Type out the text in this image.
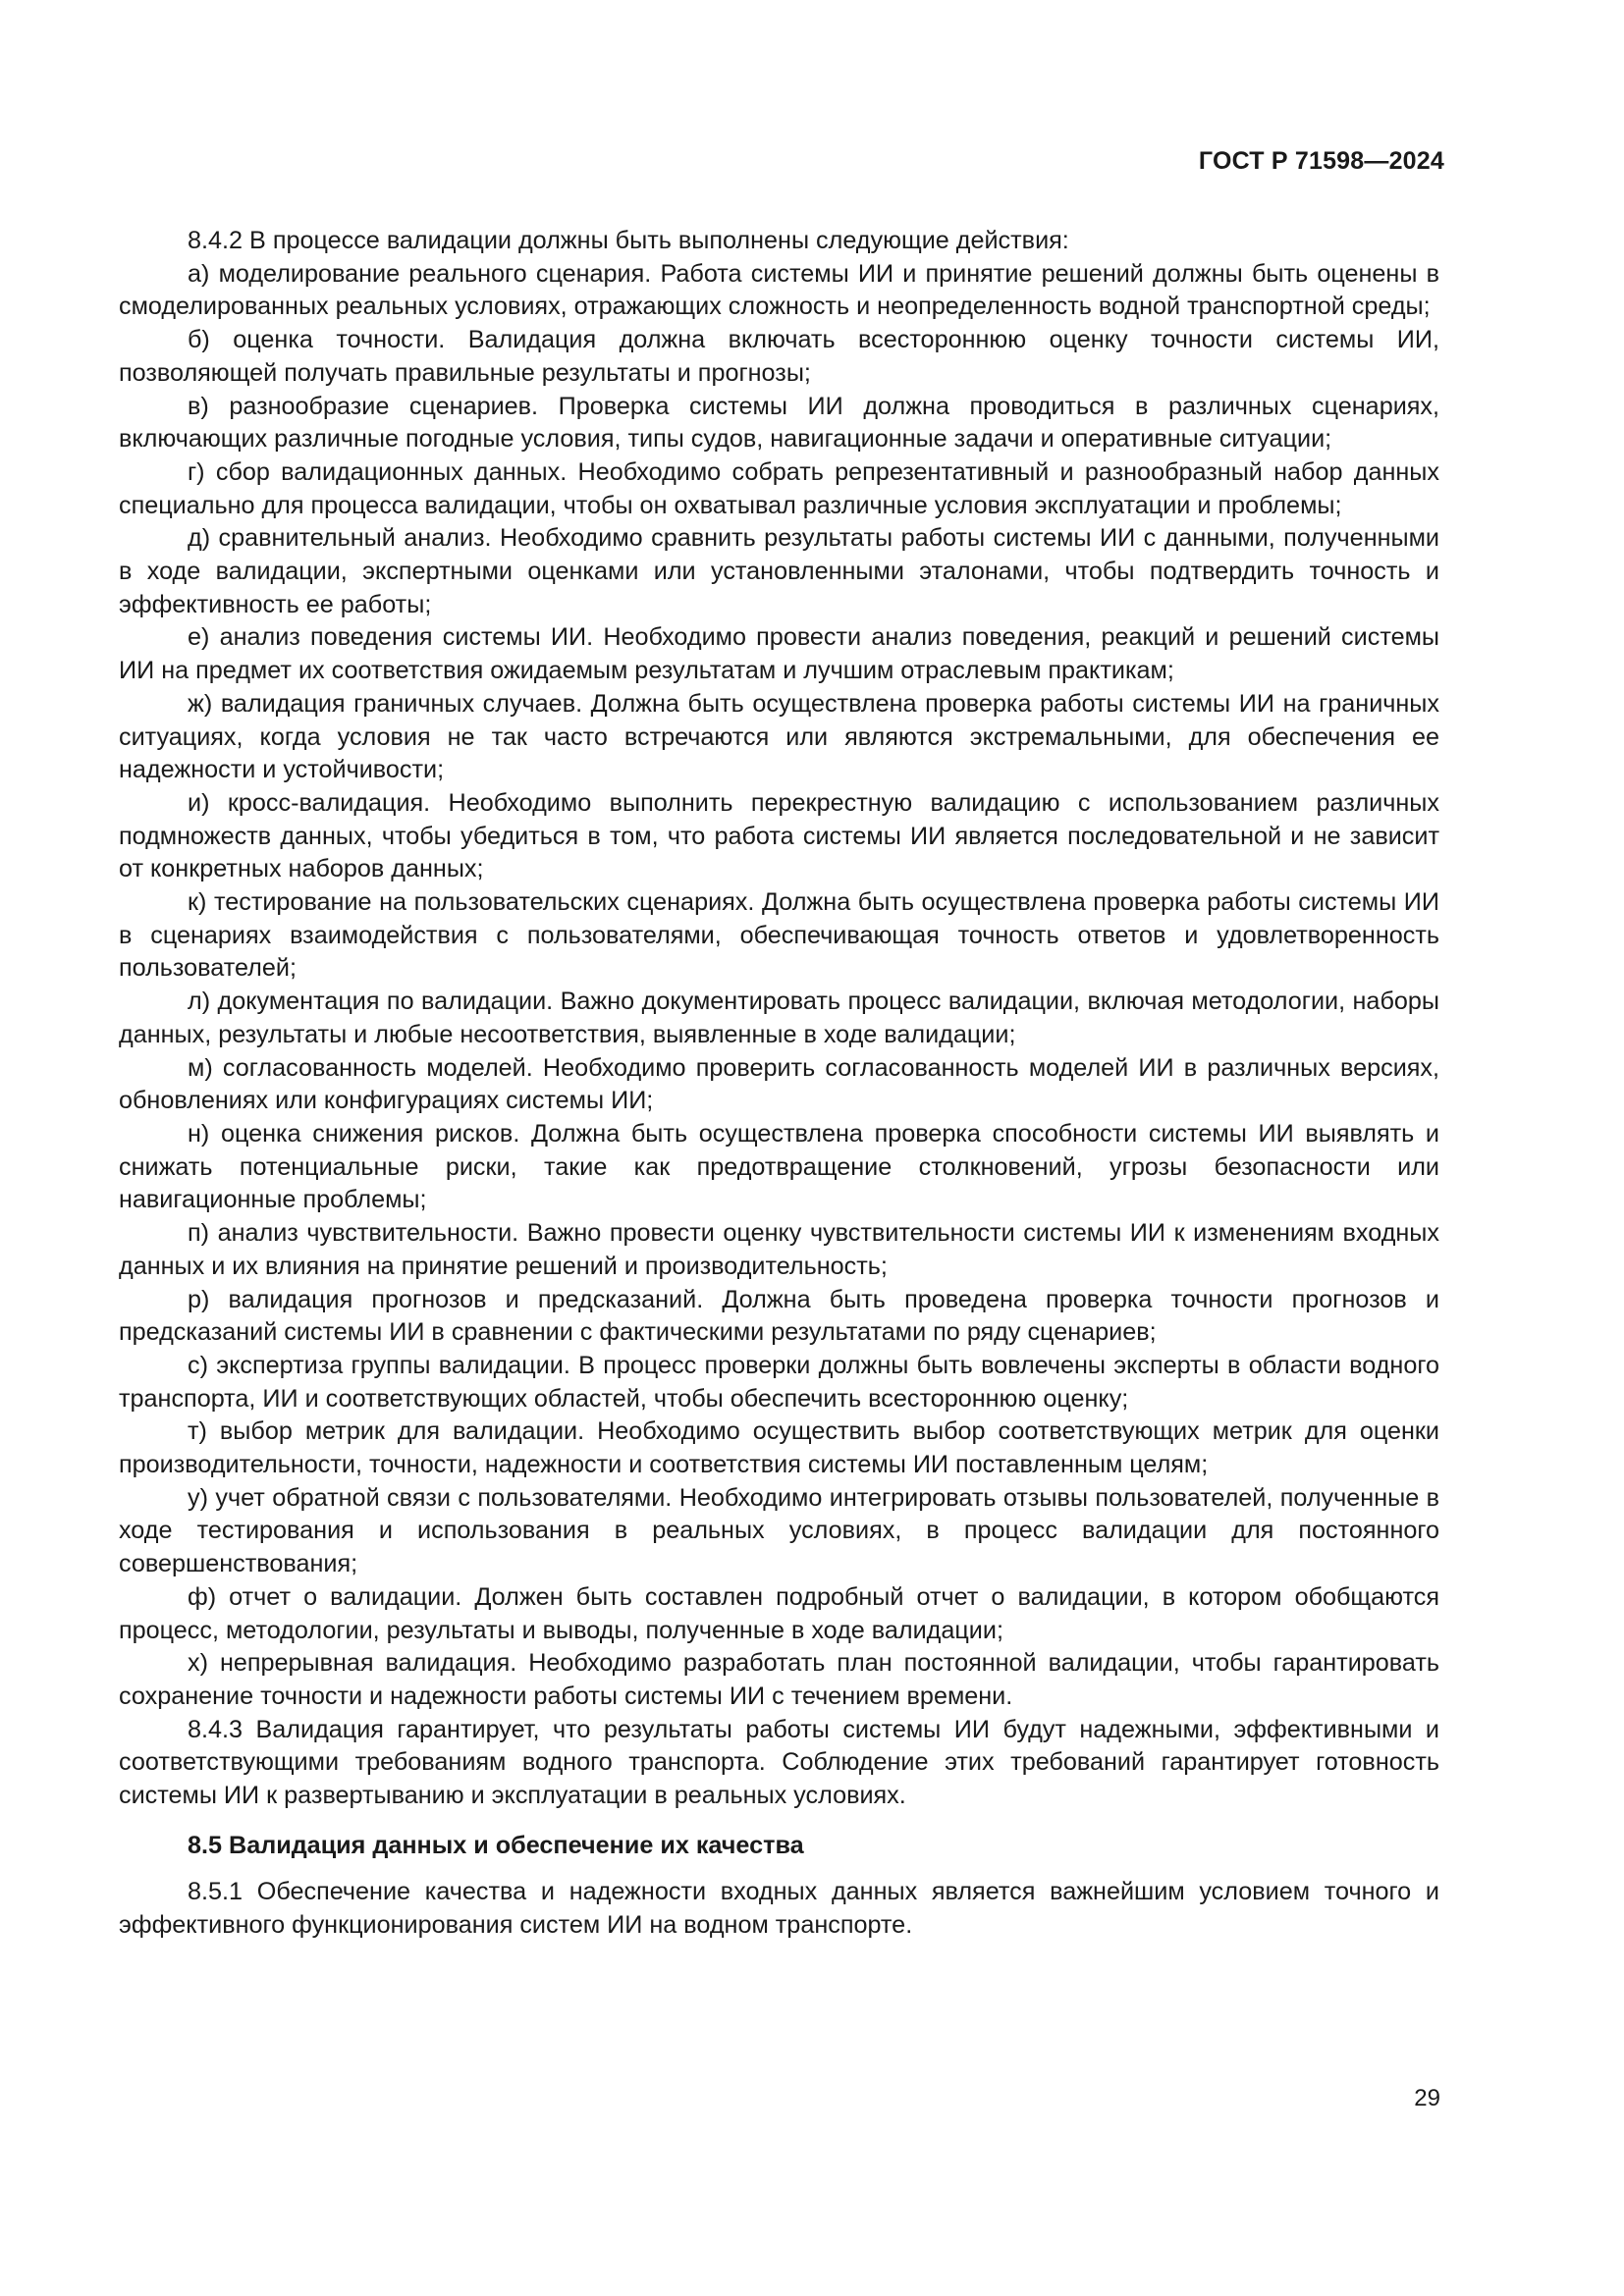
ГОСТ Р 71598—2024

8.4.2 В процессе валидации должны быть выполнены следующие действия:

а) моделирование реального сценария. Работа системы ИИ и принятие решений должны быть оценены в смоделированных реальных условиях, отражающих сложность и неопределенность водной транспортной среды;

б) оценка точности. Валидация должна включать всестороннюю оценку точности системы ИИ, позволяющей получать правильные результаты и прогнозы;

в) разнообразие сценариев. Проверка системы ИИ должна проводиться в различных сценариях, включающих различные погодные условия, типы судов, навигационные задачи и оперативные ситуации;

г) сбор валидационных данных. Необходимо собрать репрезентативный и разнообразный набор данных специально для процесса валидации, чтобы он охватывал различные условия эксплуатации и проблемы;

д) сравнительный анализ. Необходимо сравнить результаты работы системы ИИ с данными, полученными в ходе валидации, экспертными оценками или установленными эталонами, чтобы подтвердить точность и эффективность ее работы;

е) анализ поведения системы ИИ. Необходимо провести анализ поведения, реакций и решений системы ИИ на предмет их соответствия ожидаемым результатам и лучшим отраслевым практикам;

ж) валидация граничных случаев. Должна быть осуществлена проверка работы системы ИИ на граничных ситуациях, когда условия не так часто встречаются или являются экстремальными, для обеспечения ее надежности и устойчивости;

и) кросс-валидация. Необходимо выполнить перекрестную валидацию с использованием различных подмножеств данных, чтобы убедиться в том, что работа системы ИИ является последовательной и не зависит от конкретных наборов данных;

к) тестирование на пользовательских сценариях. Должна быть осуществлена проверка работы системы ИИ в сценариях взаимодействия с пользователями, обеспечивающая точность ответов и удовлетворенность пользователей;

л) документация по валидации. Важно документировать процесс валидации, включая методологии, наборы данных, результаты и любые несоответствия, выявленные в ходе валидации;

м) согласованность моделей. Необходимо проверить согласованность моделей ИИ в различных версиях, обновлениях или конфигурациях системы ИИ;

н) оценка снижения рисков. Должна быть осуществлена проверка способности системы ИИ выявлять и снижать потенциальные риски, такие как предотвращение столкновений, угрозы безопасности или навигационные проблемы;

п) анализ чувствительности. Важно провести оценку чувствительности системы ИИ к изменениям входных данных и их влияния на принятие решений и производительность;

р) валидация прогнозов и предсказаний. Должна быть проведена проверка точности прогнозов и предсказаний системы ИИ в сравнении с фактическими результатами по ряду сценариев;

с) экспертиза группы валидации. В процесс проверки должны быть вовлечены эксперты в области водного транспорта, ИИ и соответствующих областей, чтобы обеспечить всестороннюю оценку;

т) выбор метрик для валидации. Необходимо осуществить выбор соответствующих метрик для оценки производительности, точности, надежности и соответствия системы ИИ поставленным целям;

у) учет обратной связи с пользователями. Необходимо интегрировать отзывы пользователей, полученные в ходе тестирования и использования в реальных условиях, в процесс валидации для постоянного совершенствования;

ф) отчет о валидации. Должен быть составлен подробный отчет о валидации, в котором обобщаются процесс, методологии, результаты и выводы, полученные в ходе валидации;

х) непрерывная валидация. Необходимо разработать план постоянной валидации, чтобы гарантировать сохранение точности и надежности работы системы ИИ с течением времени.

8.4.3 Валидация гарантирует, что результаты работы системы ИИ будут надежными, эффективными и соответствующими требованиям водного транспорта. Соблюдение этих требований гарантирует готовность системы ИИ к развертыванию и эксплуатации в реальных условиях.

8.5 Валидация данных и обеспечение их качества

8.5.1 Обеспечение качества и надежности входных данных является важнейшим условием точного и эффективного функционирования систем ИИ на водном транспорте.

29
